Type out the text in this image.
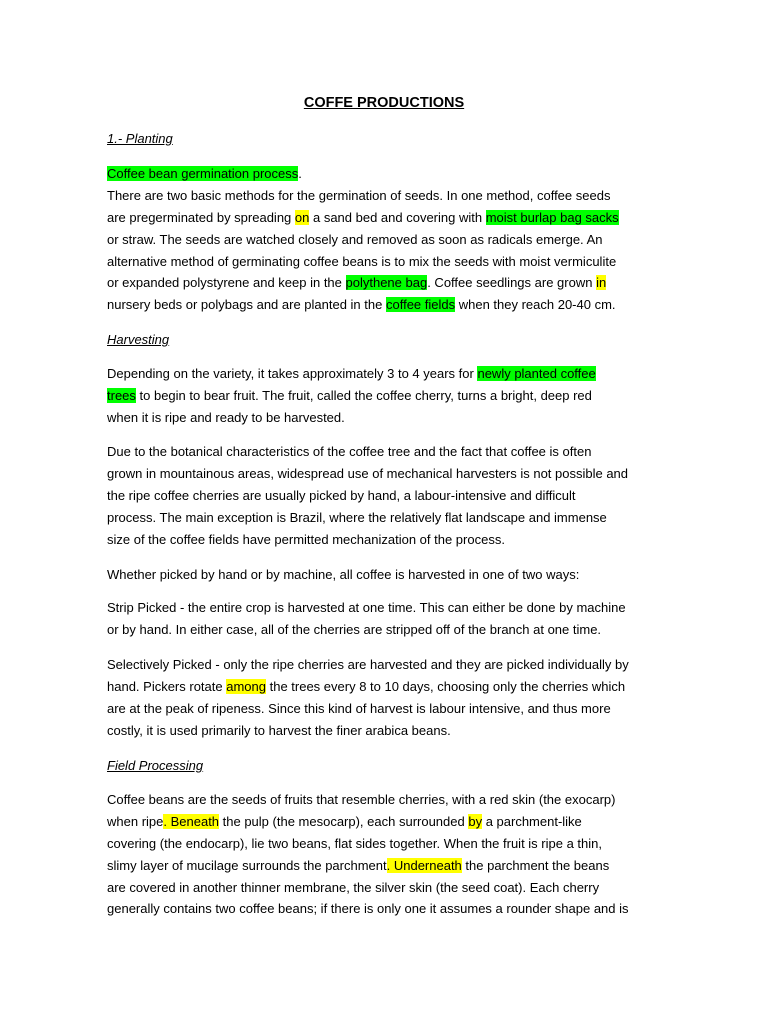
COFFE PRODUCTIONS
1.- Planting
Coffee bean germination process.
There are two basic methods for the germination of seeds. In one method, coffee seeds
are pregerminated by spreading on a sand bed and covering with moist burlap bag sacks
or straw. The seeds are watched closely and removed as soon as radicals emerge. An
alternative method of germinating coffee beans is to mix the seeds with moist vermiculite
or expanded polystyrene and keep in the polythene bag. Coffee seedlings are grown in
nursery beds or polybags and are planted in the coffee fields when they reach 20-40 cm.
Harvesting
Depending on the variety, it takes approximately 3 to 4 years for newly planted coffee
trees to begin to bear fruit. The fruit, called the coffee cherry, turns a bright, deep red
when it is ripe and ready to be harvested.
Due to the botanical characteristics of the coffee tree and the fact that coffee is often
grown in mountainous areas, widespread use of mechanical harvesters is not possible and
the ripe coffee cherries are usually picked by hand, a labour-intensive and difficult
process. The main exception is Brazil, where the relatively flat landscape and immense
size of the coffee fields have permitted mechanization of the process.
Whether picked by hand or by machine, all coffee is harvested in one of two ways:
Strip Picked - the entire crop is harvested at one time. This can either be done by machine
or by hand. In either case, all of the cherries are stripped off of the branch at one time.
Selectively Picked - only the ripe cherries are harvested and they are picked individually by
hand. Pickers rotate among the trees every 8 to 10 days, choosing only the cherries which
are at the peak of ripeness. Since this kind of harvest is labour intensive, and thus more
costly, it is used primarily to harvest the finer arabica beans.
Field Processing
Coffee beans are the seeds of fruits that resemble cherries, with a red skin (the exocarp)
when ripe. Beneath the pulp (the mesocarp), each surrounded by a parchment-like
covering (the endocarp), lie two beans, flat sides together. When the fruit is ripe a thin,
slimy layer of mucilage surrounds the parchment. Underneath the parchment the beans
are covered in another thinner membrane, the silver skin (the seed coat). Each cherry
generally contains two coffee beans; if there is only one it assumes a rounder shape and is
